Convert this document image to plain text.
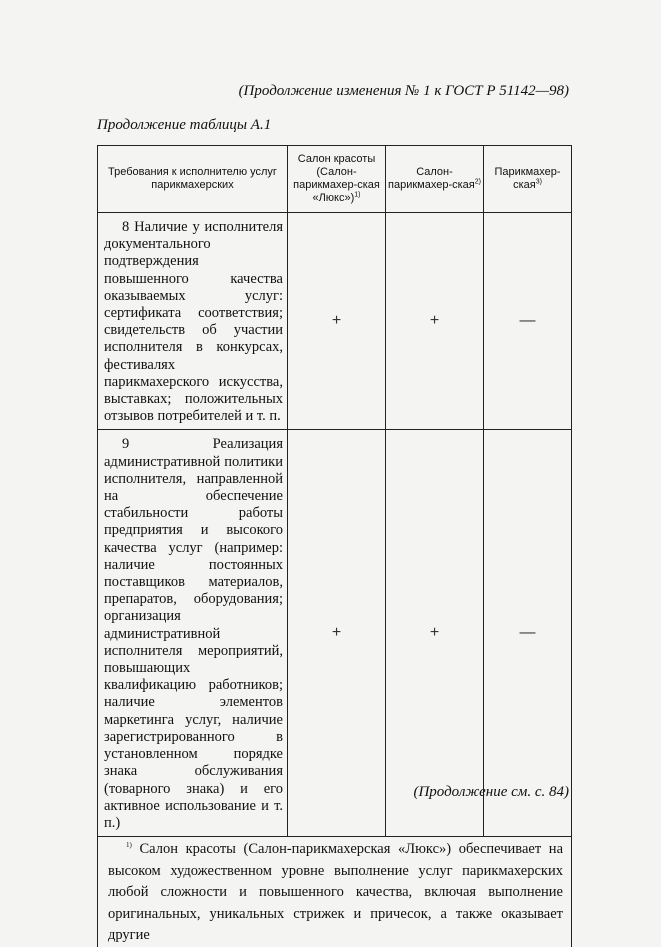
(Продолжение изменения № 1 к ГОСТ Р 51142—98)
Продолжение таблицы А.1
Требования к исполнителю услуг парикмахерских	Салон красоты (Салон-парикмахер-ская «Люкс»)$^{1)}$	Салон-парикмахер-ская$^{2)}$	Парикмахер-ская$^{3)}$

8 Наличие у исполнителя документального подтверждения повышенного качества оказываемых услуг: сертификата соответствия; свидетельств об участии исполнителя в конкурсах, фестивалях парикмахерского искусства, выставках; положительных отзывов потребителей и т. п.	+	+	—

9 Реализация административной политики исполнителя, направленной на обеспечение стабильности работы предприятия и высокого качества услуг (например: наличие постоянных поставщиков материалов, препаратов, оборудования; организация административной исполнителя мероприятий, повышающих квалификацию работников; наличие элементов маркетинга услуг, наличие зарегистрированного в установленном порядке знака обслуживания (товарного знака) и его активное использование и т. п.)	+	+	—
$^{1)}$ Салон красоты (Салон-парикмахерская «Люкс») обеспечивает на высоком художественном уровне выполнение услуг парикмахерских любой сложности и повышенного качества, включая выполнение оригинальных, уникальных стрижек и причесок, а также оказывает другие			
(Продолжение см. с. 84)
